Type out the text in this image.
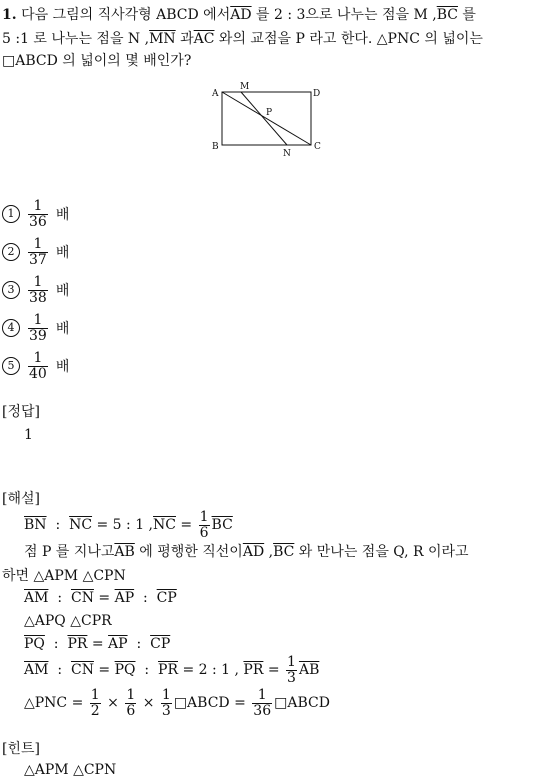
1. 다음 그림의 직사각형 ABCD 에서$\overline{AD}$ 를 2 : 3으로 나누는 점을 M $,\overline{BC}$ 를
5 :1 로 나누는 점을 N $,\overline{MN}$ 과$\overline{AC}$ 와의 교점을 P 라고 한다. △PNC 의 넓이는
□ABCD 의 넓이의 몇 배인가?
A
M
D
P
B
N
C
$1 \frac{1}{36}$ 배
$2 \frac{1}{37}$ 배
$3 \frac{1}{38}$ 배
$4 \frac{1}{39}$ 배
$5 \frac{1}{40}$ 배
[정답]
1
[해설]
$\overline{BN}$  :  $\overline{NC} = 5$ : 1 $,\overline{NC} = \frac{1}{6} \overline{BC}$
점 P 를 지나고$\overline{AB}$ 에 평행한 직선이$\overline{AD}$ $,\overline{BC}$ 와 만나는 점을 Q, R 이라고
하면 △APM △CPN
$\overline{AM}$  :  $\overline{CN} = \overline{AP}$  :  $\overline{CP}$
△APQ △CPR
$\overline{PQ}$  :  $\overline{PR} = \overline{AP}$  :  $\overline{CP}$
$\overline{AM}$  :  $\overline{CN} = \overline{PQ}$  :  $\overline{PR} = 2$ : 1 , $\overline{PR} = \frac{1}{3} \overline{AB}$
△PNC = $\frac{1}{2} \times \frac{1}{6} \times \frac{1}{3}$ □ABCD = $\frac{1}{36}$ □ABCD
[힌트]
△APM △CPN
